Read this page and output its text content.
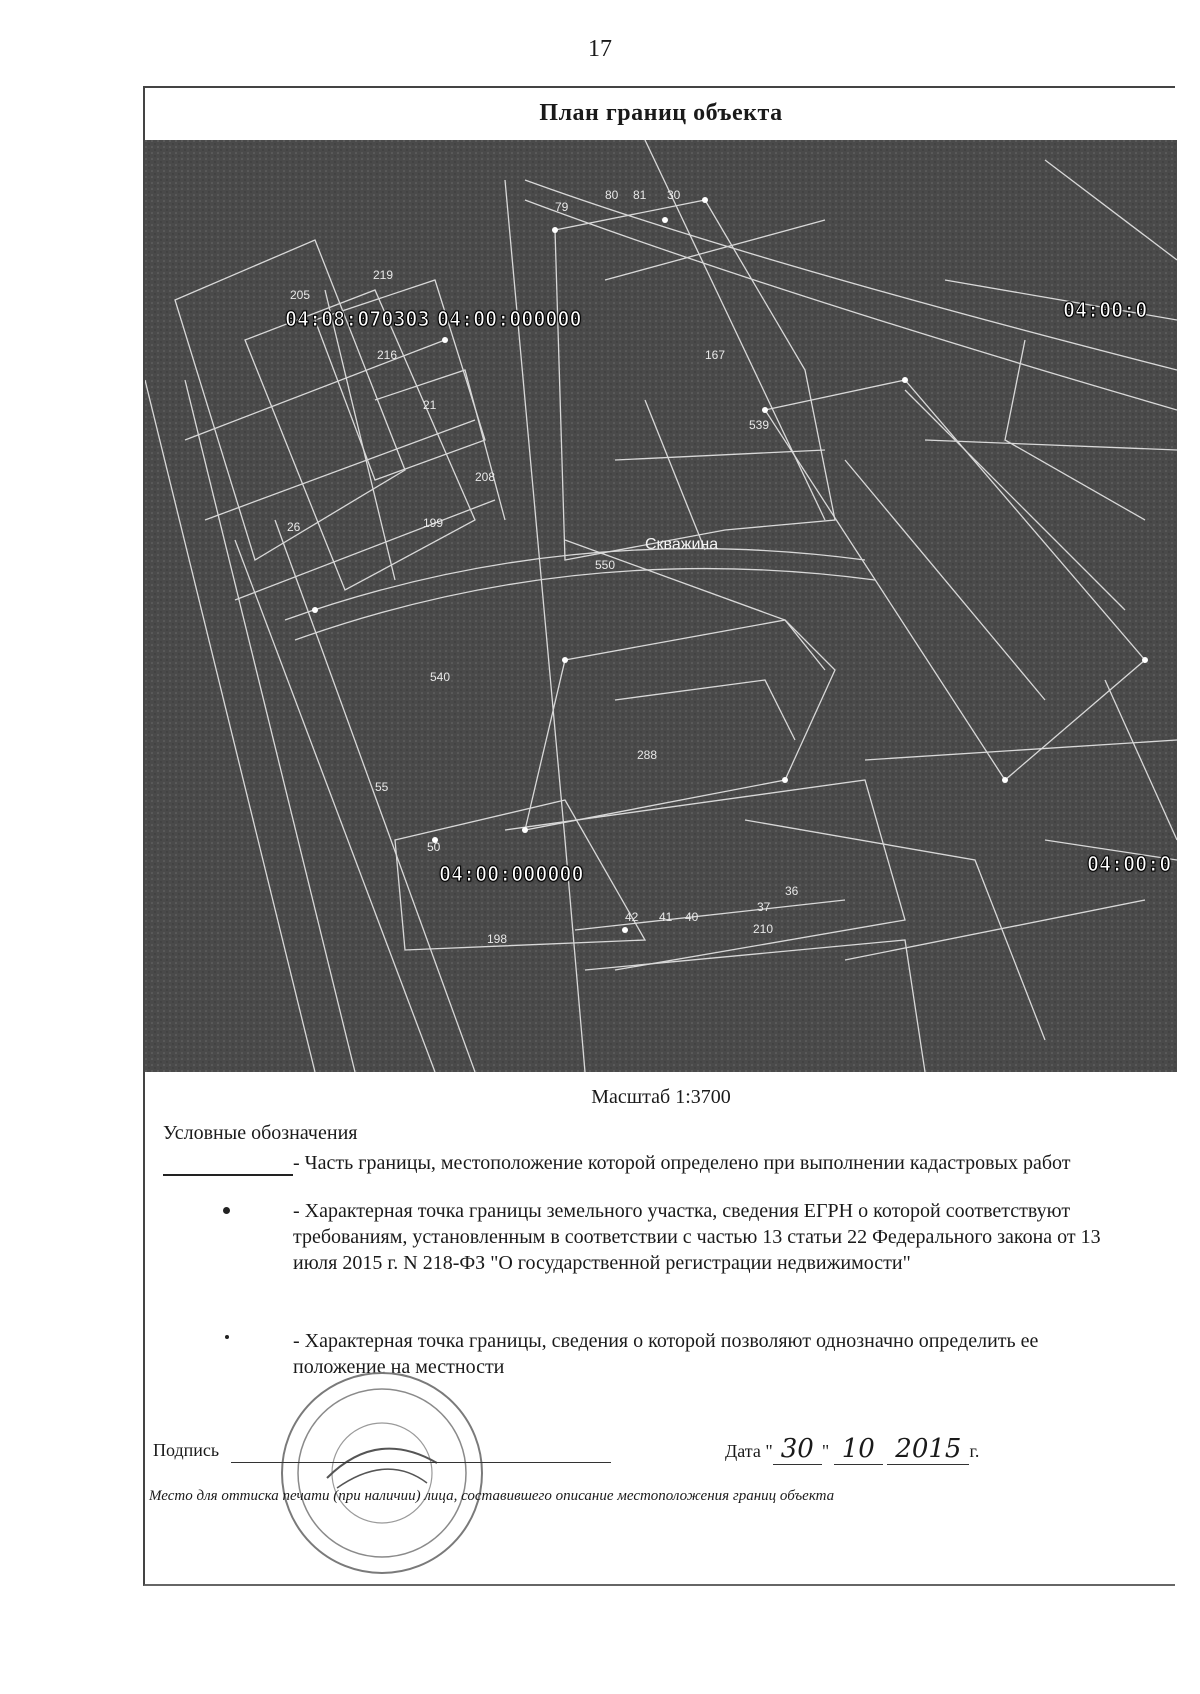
17
План границ объекта
04:08:070303 04:00:000000	04:00:0
04:00:000000	04:00:0
Скважина
219
205
216
21
208
199
26
167
539
550
540
288
198
210
36
37
41
42	40
50
79
80 81 30
55
Масштаб 1:3700
Условные обозначения
- Часть границы, местоположение которой определено при выполнении кадастровых работ
- Характерная точка границы земельного участка, сведения ЕГРН о которой соответствуют требованиям, установленным в соответствии с частью 13 статьи 22 Федерального закона от 13 июля 2015 г. N 218-ФЗ "О государственной регистрации недвижимости"
- Характерная точка границы, сведения о которой позволяют однозначно определить ее положение на местности
Подпись	Дата " 30 " 10 2015 г.
Место для оттиска печати (при наличии) лица, составившего описание местоположения границ объекта
